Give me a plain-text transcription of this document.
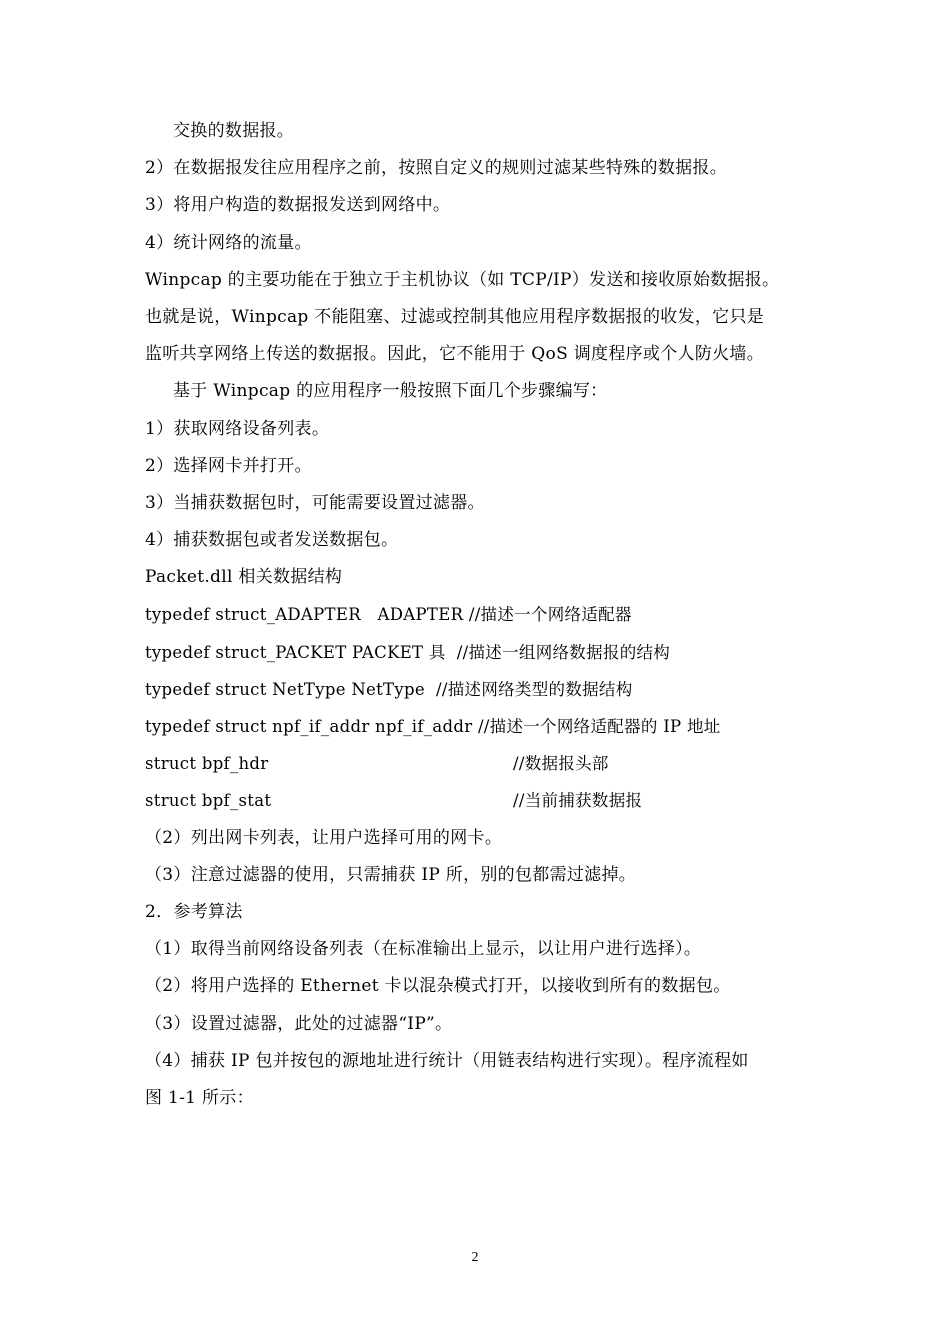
交换的数据报。
2）在数据报发往应用程序之前，按照自定义的规则过滤某些特殊的数据报。
3）将用户构造的数据报发送到网络中。
4）统计网络的流量。
Winpcap 的主要功能在于独立于主机协议（如 TCP/IP）发送和接收原始数据报。
也就是说，Winpcap 不能阻塞、过滤或控制其他应用程序数据报的收发，它只是
监听共享网络上传送的数据报。因此，它不能用于 QoS 调度程序或个人防火墙。
基于 Winpcap 的应用程序一般按照下面几个步骤编写：
1）获取网络设备列表。
2）选择网卡并打开。
3）当捕获数据包时，可能需要设置过滤器。
4）捕获数据包或者发送数据包。
Packet.dll 相关数据结构
typedef struct_ADAPTER   ADAPTER //描述一个网络适配器
typedef struct_PACKET PACKET 具 //描述一组网络数据报的结构
typedef struct NetType NetType //描述网络类型的数据结构
typedef struct npf_if_addr npf_if_addr //描述一个网络适配器的 IP 地址
struct bpf_hdr	//数据报头部
struct bpf_stat	//当前捕获数据报
（2）列出网卡列表，让用户选择可用的网卡。
（3）注意过滤器的使用，只需捕获 IP 所，别的包都需过滤掉。
2．参考算法
（1）取得当前网络设备列表（在标准输出上显示，以让用户进行选择）。
（2）将用户选择的 Ethernet 卡以混杂模式打开，以接收到所有的数据包。
（3）设置过滤器，此处的过滤器“IP”。
（4）捕获 IP 包并按包的源地址进行统计（用链表结构进行实现）。程序流程如
图 1-1 所示：
2
